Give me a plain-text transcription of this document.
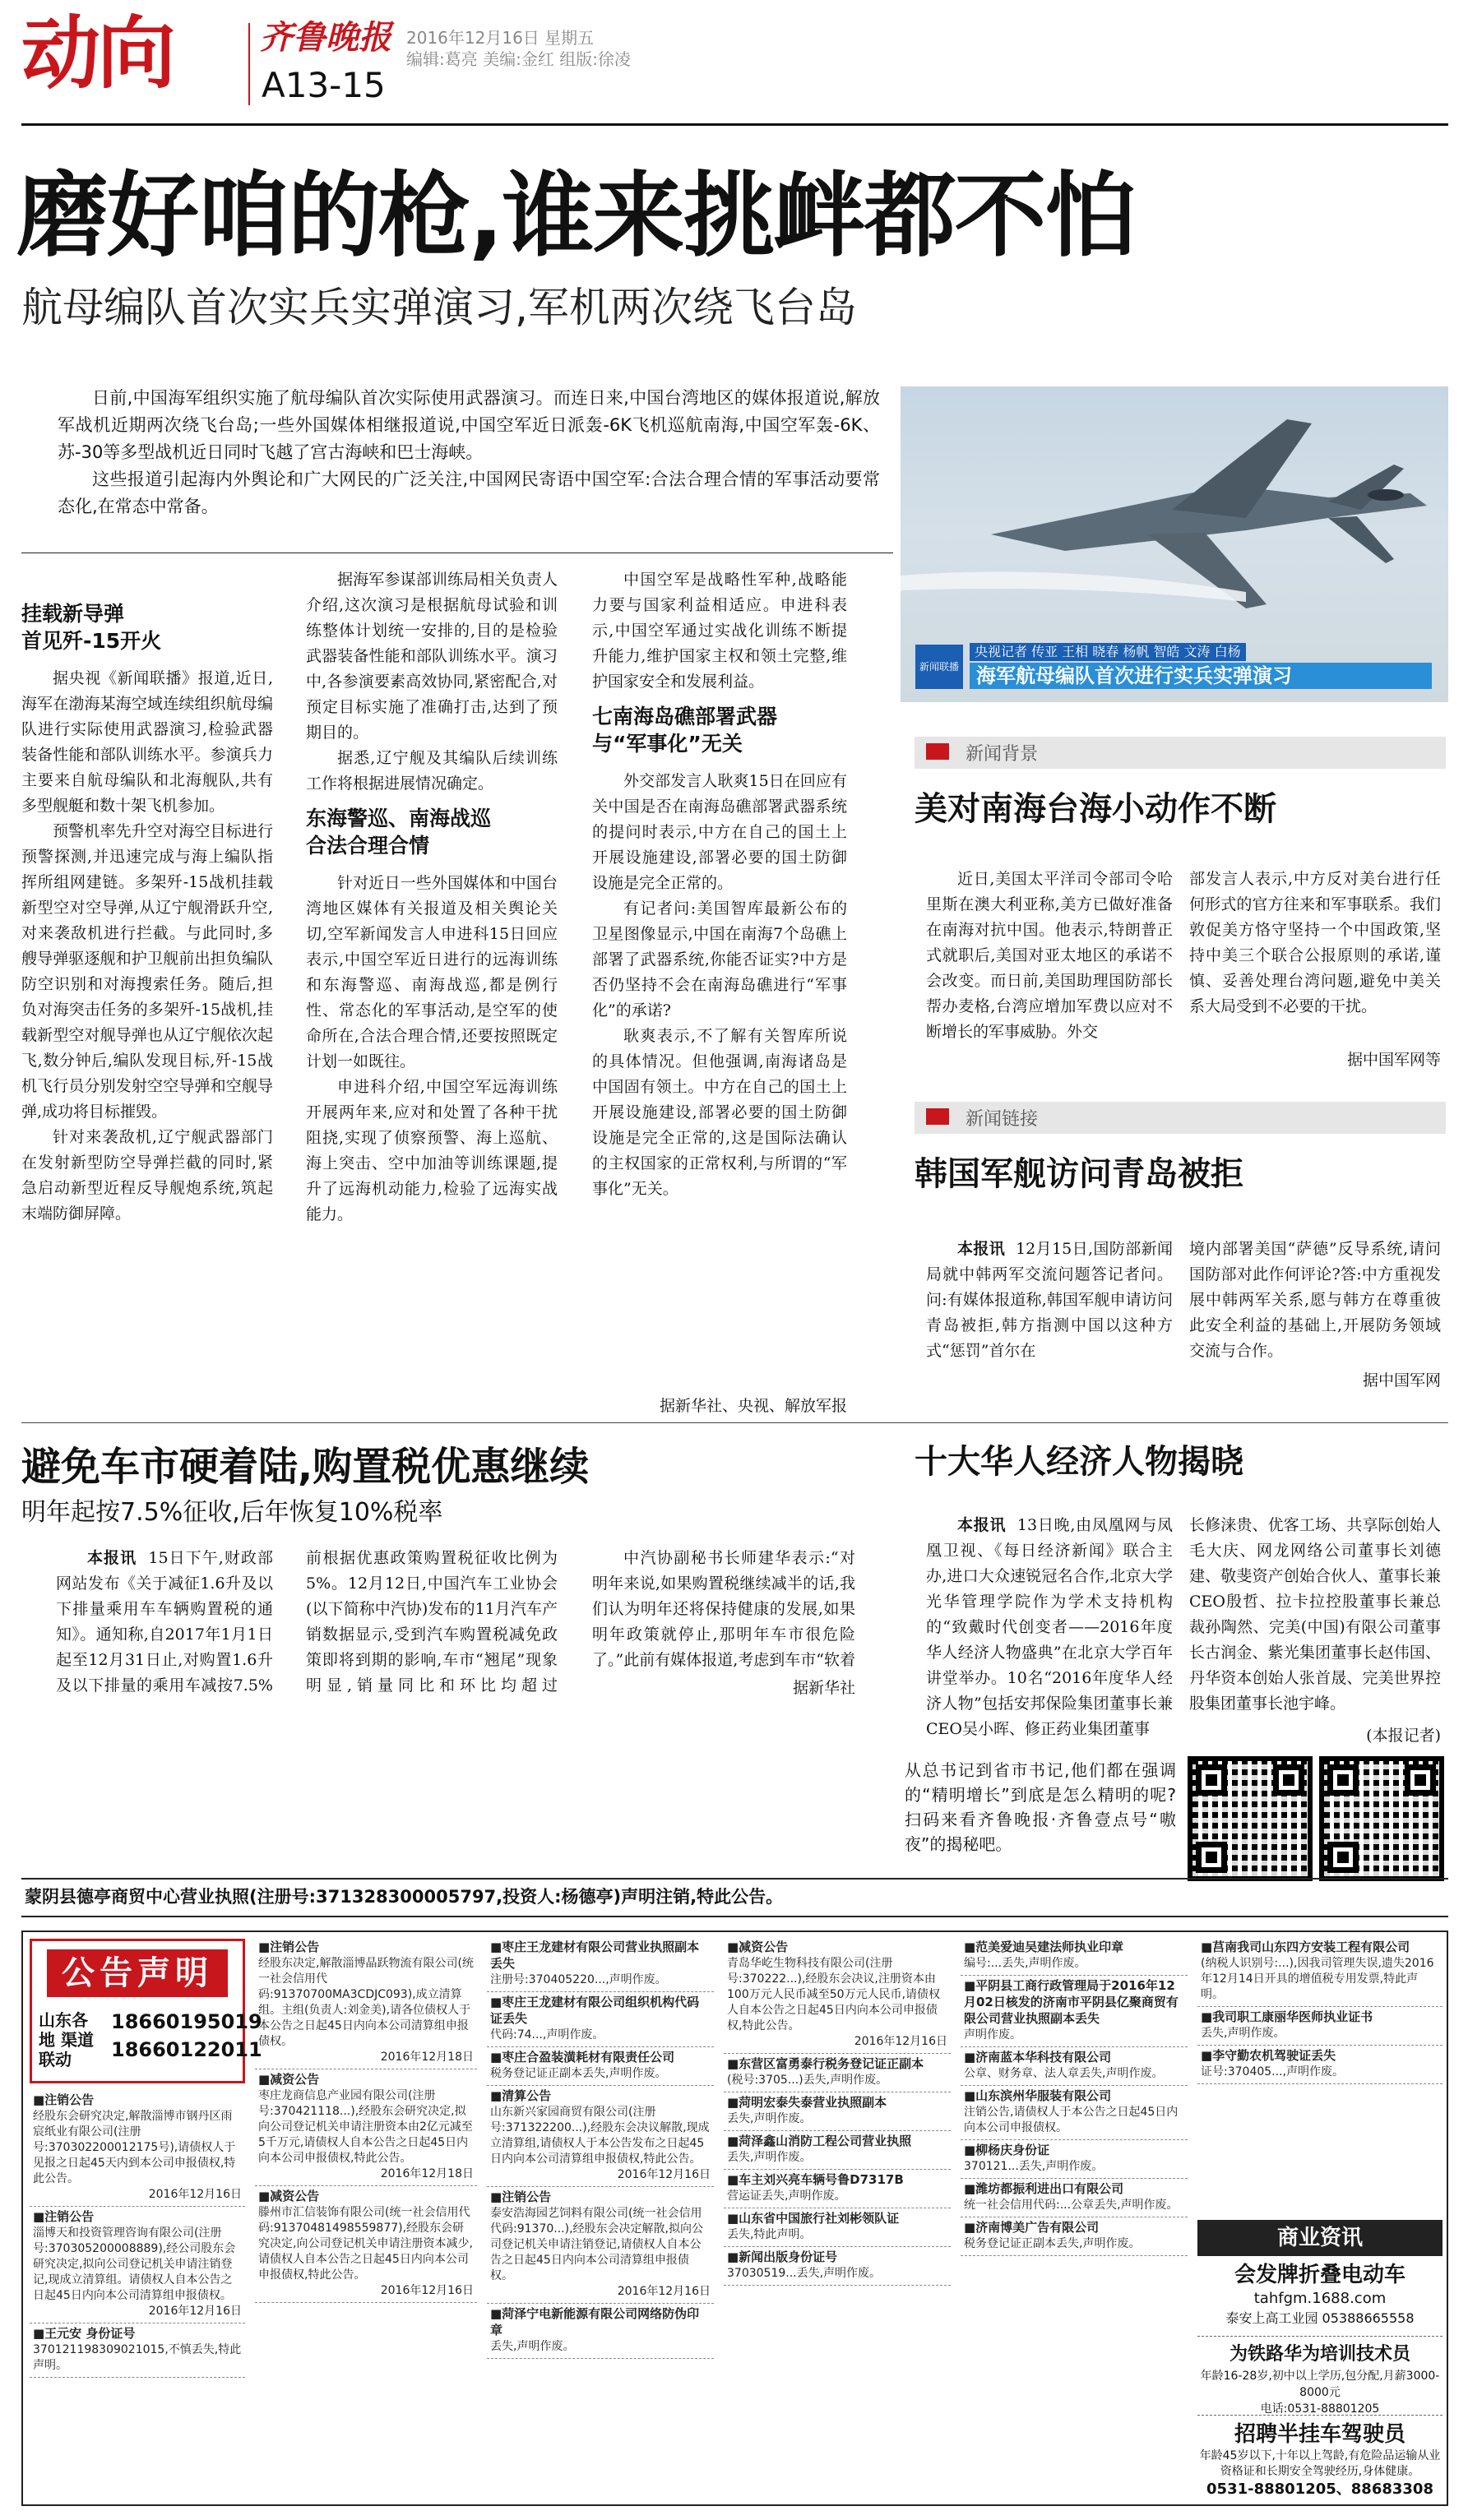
动向	齐鲁晚报
A13-15
2016年12月16日 星期五
编辑:葛亮 美编:金红 组版:徐凌
磨好咱的枪,谁来挑衅都不怕
航母编队首次实兵实弹演习,军机两次绕飞台岛

日前,中国海军组织实施了航母编队首次实际使用武器演习。而连日来,中国台湾地区的媒体报道说,解放军战机近期两次绕飞台岛;一些外国媒体相继报道说,中国空军近日派轰-6K飞机巡航南海,中国空军轰-6K、苏-30等多型战机近日同时飞越了宫古海峡和巴士海峡。

这些报道引起海内外舆论和广大网民的广泛关注,中国网民寄语中国空军:合法合理合情的军事活动要常态化,在常态中常备。

新闻联播
央视记者 传亚 王相 晓春 杨帆 智皓 文涛 白杨
海军航母编队首次进行实兵实弹演习
挂载新导弹
首见歼-15开火

据央视《新闻联播》报道,近日,海军在渤海某海空域连续组织航母编队进行实际使用武器演习,检验武器装备性能和部队训练水平。参演兵力主要来自航母编队和北海舰队,共有多型舰艇和数十架飞机参加。

预警机率先升空对海空目标进行预警探测,并迅速完成与海上编队指挥所组网建链。多架歼-15战机挂载新型空对空导弹,从辽宁舰滑跃升空,对来袭敌机进行拦截。与此同时,多艘导弹驱逐舰和护卫舰前出担负编队防空识别和对海搜索任务。随后,担负对海突击任务的多架歼-15战机,挂载新型空对舰导弹也从辽宁舰依次起飞,数分钟后,编队发现目标,歼-15战机飞行员分别发射空空导弹和空舰导弹,成功将目标摧毁。

针对来袭敌机,辽宁舰武器部门在发射新型防空导弹拦截的同时,紧急启动新型近程反导舰炮系统,筑起末端防御屏障。

据海军参谋部训练局相关负责人介绍,这次演习是根据航母试验和训练整体计划统一安排的,目的是检验武器装备性能和部队训练水平。演习中,各参演要素高效协同,紧密配合,对预定目标实施了准确打击,达到了预期目的。

据悉,辽宁舰及其编队后续训练工作将根据进展情况确定。

东海警巡、南海战巡
合法合理合情

针对近日一些外国媒体和中国台湾地区媒体有关报道及相关舆论关切,空军新闻发言人申进科15日回应表示,中国空军近日进行的远海训练和东海警巡、南海战巡,都是例行性、常态化的军事活动,是空军的使命所在,合法合理合情,还要按照既定计划一如既往。

申进科介绍,中国空军远海训练开展两年来,应对和处置了各种干扰阻挠,实现了侦察预警、海上巡航、海上突击、空中加油等训练课题,提升了远海机动能力,检验了远海实战能力。

中国空军是战略性军种,战略能力要与国家利益相适应。申进科表示,中国空军通过实战化训练不断提升能力,维护国家主权和领土完整,维护国家安全和发展利益。

七南海岛礁部署武器
与“军事化”无关

外交部发言人耿爽15日在回应有关中国是否在南海岛礁部署武器系统的提问时表示,中方在自己的国土上开展设施建设,部署必要的国土防御设施是完全正常的。

有记者问:美国智库最新公布的卫星图像显示,中国在南海7个岛礁上部署了武器系统,你能否证实?中方是否仍坚持不会在南海岛礁进行“军事化”的承诺?

耿爽表示,不了解有关智库所说的具体情况。但他强调,南海诸岛是中国固有领土。中方在自己的国土上开展设施建设,部署必要的国土防御设施是完全正常的,这是国际法确认的主权国家的正常权利,与所谓的“军事化”无关。

据新华社、央视、解放军报
新闻背景
美对南海台海小动作不断

近日,美国太平洋司令部司令哈里斯在澳大利亚称,美方已做好准备在南海对抗中国。他表示,特朗普正式就职后,美国对亚太地区的承诺不会改变。而日前,美国助理国防部长帮办麦格,台湾应增加军费以应对不断增长的军事威胁。外交

部发言人表示,中方反对美台进行任何形式的官方往来和军事联系。我们敦促美方恪守坚持一个中国政策,坚持中美三个联合公报原则的承诺,谨慎、妥善处理台湾问题,避免中美关系大局受到不必要的干扰。

据中国军网等
新闻链接
韩国军舰访问青岛被拒

本报讯 12月15日,国防部新闻局就中韩两军交流问题答记者问。问:有媒体报道称,韩国军舰申请访问青岛被拒,韩方指测中国以这种方式“惩罚”首尔在

境内部署美国“萨德”反导系统,请问国防部对此作何评论?答:中方重视发展中韩两军关系,愿与韩方在尊重彼此安全利益的基础上,开展防务领域交流与合作。

据中国军网
避免车市硬着陆,购置税优惠继续
明年起按7.5%征收,后年恢复10%税率

本报讯 15日下午,财政部网站发布《关于减征1.6升及以下排量乘用车车辆购置税的通知》。通知称,自2017年1月1日起至12月31日止,对购置1.6升及以下排量的乘用车减按7.5%

前根据优惠政策购置税征收比例为5%。12月12日,中国汽车工业协会(以下简称中汽协)发布的11月汽车产销数据显示,受到汽车购置税减免政策即将到期的影响,车市“翘尾”现象明显,销量同比和环比均超过

中汽协副秘书长师建华表示:“对明年来说,如果购置税继续减半的话,我们认为明年还将保持健康的发展,如果明年政策就停止,那明年车市很危险了。”此前有媒体报道,考虑到车市“软着

据新华社
十大华人经济人物揭晓

本报讯 13日晚,由凤凰网与凤凰卫视、《每日经济新闻》联合主办,进口大众速锐冠名合作,北京大学光华管理学院作为学术支持机构的“致戴时代创变者——2016年度华人经济人物盛典”在北京大学百年讲堂举办。10名“2016年度华人经济人物”包括安邦保险集团董事长兼CEO吴小晖、修正药业集团董事

长修涞贵、优客工场、共享际创始人毛大庆、网龙网络公司董事长刘德建、敬斐资产创始合伙人、董事长兼CEO殷哲、拉卡拉控股董事长兼总裁孙陶然、完美(中国)有限公司董事长古润金、紫光集团董事长赵伟国、丹华资本创始人张首晟、完美世界控股集团董事长池宇峰。

(本报记者)
从总书记到省市书记,他们都在强调的“精明增长”到底是怎么精明的呢?扫码来看齐鲁晚报·齐鲁壹点号“嗷夜”的揭秘吧。
蒙阴县德亭商贸中心营业执照(注册号:371328300005797,投资人:杨德亭)声明注销,特此公告。
公告声明
山东各地 渠道联动
18660195019
18660122011
■注销公告
经股东会研究决定,解散淄博市钢丹区雨宸纸业有限公司(注册号:370302200012175号),请债权人于见报之日起45天内到本公司申报债权,特此公告。
2016年12月16日
■注销公告
淄博天和投资管理咨询有限公司(注册号:370305200008889),经公司股东会研究决定,拟向公司登记机关申请注销登记,现成立清算组。请债权人自本公告之日起45日内向本公司清算组申报债权。
2016年12月16日
■王元安 身份证号
370121198309021015,不慎丢失,特此声明。
■注销公告
经股东决定,解散淄博晶跃物流有限公司(统一社会信用代码:91370700MA3CDJC093),成立清算组。主组(负责人:刘金美),请各位债权人于本公告之日起45日内向本公司清算组申报债权。
2016年12月18日
■减资公告
枣庄龙商信息产业园有限公司(注册号:370421118...),经股东会研究决定,拟向公司登记机关申请注册资本由2亿元减至5千万元,请债权人自本公告之日起45日内向本公司申报债权,特此公告。
2016年12月18日
■减资公告
滕州市汇信装饰有限公司(统一社会信用代码:91370481498559877),经股东会研究决定,向公司登记机关申请注册资本减少,请债权人自本公告之日起45日内向本公司申报债权,特此公告。
2016年12月16日
■枣庄王龙建材有限公司营业执照副本丢失
注册号:370405220...,声明作废。
■枣庄王龙建材有限公司组织机构代码证丢失
代码:74...,声明作废。
■枣庄合盈装潢耗材有限责任公司
税务登记证正副本丢失,声明作废。
■清算公告
山东新兴家园商贸有限公司(注册号:371322200...),经股东会决议解散,现成立清算组,请债权人于本公告发布之日起45日内向本公司清算组申报债权,特此公告。
2016年12月16日
■注销公告
泰安浩海园艺饲料有限公司(统一社会信用代码:91370...),经股东会决定解散,拟向公司登记机关申请注销登记,请债权人自本公告之日起45日内向本公司清算组申报债权。
2016年12月16日
■菏泽宁电新能源有限公司网络防伪印章
丢失,声明作废。
■减资公告
青岛华屹生物科技有限公司(注册号:370222...),经股东会决议,注册资本由100万元人民币减至50万元人民币,请债权人自本公告之日起45日内向本公司申报债权,特此公告。
2016年12月16日
■东营区富勇泰行税务登记证正副本
(税号:3705...)丢失,声明作废。
■菏明宏泰失泰营业执照副本
丢失,声明作废。
■菏泽鑫山消防工程公司营业执照
丢失,声明作废。
■车主刘兴亮车辆号鲁D7317B
营运证丢失,声明作废。
■山东省中国旅行社刘彬领队证
丢失,特此声明。
■新闻出版身份证号
37030519...丢失,声明作废。
■范美爱迪吴建法师执业印章
编号:...丢失,声明作废。
■平阴县工商行政管理局于2016年12月02日核发的济南市平阴县亿聚商贸有限公司营业执照副本丢失
声明作废。
■济南蓝本华科技有限公司
公章、财务章、法人章丢失,声明作废。
■山东滨州华服装有限公司
注销公告,请债权人于本公告之日起45日内向本公司申报债权。
■柳杨庆身份证
370121...丢失,声明作废。
■潍坊都振利进出口有限公司
统一社会信用代码:...公章丢失,声明作废。
■济南博美广告有限公司
税务登记证正副本丢失,声明作废。
■莒南我司山东四方安装工程有限公司
(纳税人识别号:...),因我司管理失误,遗失2016年12月14日开具的增值税专用发票,特此声明。
■我司职工康丽华医师执业证书
丢失,声明作废。
■李守勤农机驾驶证丢失
证号:370405...,声明作废。
商业资讯
会发牌折叠电动车
tahfgm.1688.com
泰安上高工业园 05388665558
为铁路华为培训技术员
年龄16-28岁,初中以上学历,包分配,月薪3000-8000元
电话:0531-88801205
招聘半挂车驾驶员
年龄45岁以下,十年以上驾龄,有危险品运输从业资格证和长期安全驾驶经历,身体健康。
0531-88801205、88683308
